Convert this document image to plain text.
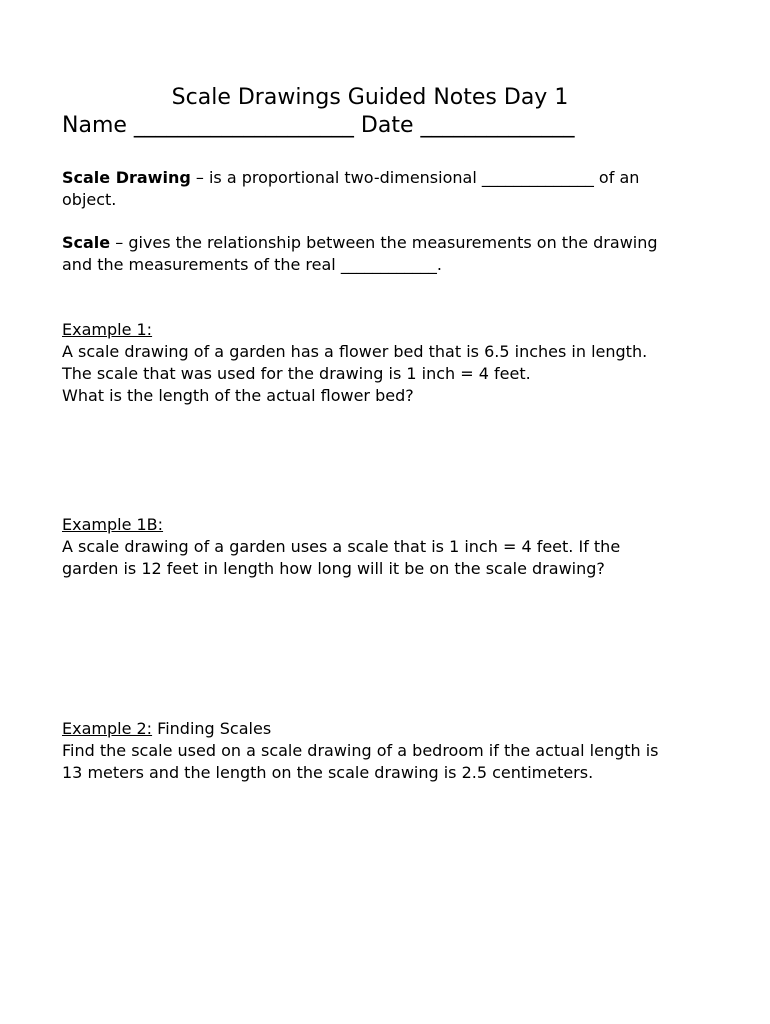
Scale Drawings Guided Notes Day 1
Name ____________________ Date ______________

Scale Drawing – is a proportional two-dimensional ______________ of an

object.

Scale – gives the relationship between the measurements on the drawing

and the measurements of the real ____________.

Example 1:

A scale drawing of a garden has a flower bed that is 6.5 inches in length.

The scale that was used for the drawing is 1 inch = 4 feet.

What is the length of the actual flower bed?

Example 1B:

A scale drawing of a garden uses a scale that is 1 inch = 4 feet. If the

garden is 12 feet in length how long will it be on the scale drawing?

Example 2: Finding Scales

Find the scale used on a scale drawing of a bedroom if the actual length is

13 meters and the length on the scale drawing is 2.5 centimeters.
